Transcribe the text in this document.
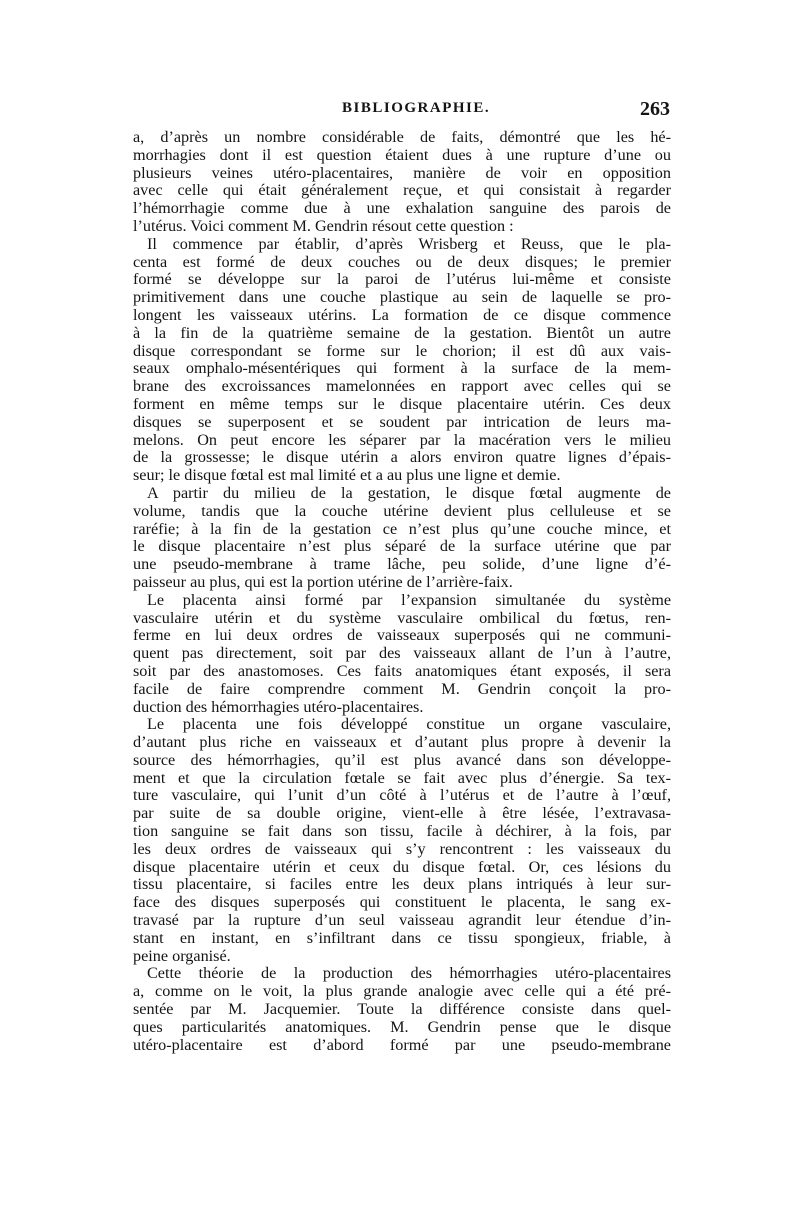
BIBLIOGRAPHIE.	263
a, d’après un nombre considérable de faits, démontré que les hé-
morrhagies dont il est question étaient dues à une rupture d’une ou
plusieurs veines utéro-placentaires, manière de voir en opposition
avec celle qui était généralement reçue, et qui consistait à regarder
l’hémorrhagie comme due à une exhalation sanguine des parois de
l’utérus. Voici comment M. Gendrin résout cette question :
Il commence par établir, d’après Wrisberg et Reuss, que le pla-
centa est formé de deux couches ou de deux disques; le premier
formé se développe sur la paroi de l’utérus lui-même et consiste
primitivement dans une couche plastique au sein de laquelle se pro-
longent les vaisseaux utérins. La formation de ce disque commence
à la fin de la quatrième semaine de la gestation. Bientôt un autre
disque correspondant se forme sur le chorion; il est dû aux vais-
seaux omphalo-mésentériques qui forment à la surface de la mem-
brane des excroissances mamelonnées en rapport avec celles qui se
forment en même temps sur le disque placentaire utérin. Ces deux
disques se superposent et se soudent par intrication de leurs ma-
melons. On peut encore les séparer par la macération vers le milieu
de la grossesse; le disque utérin a alors environ quatre lignes d’épais-
seur; le disque fœtal est mal limité et a au plus une ligne et demie.
A partir du milieu de la gestation, le disque fœtal augmente de
volume, tandis que la couche utérine devient plus celluleuse et se
raréfie; à la fin de la gestation ce n’est plus qu’une couche mince, et
le disque placentaire n’est plus séparé de la surface utérine que par
une pseudo-membrane à trame lâche, peu solide, d’une ligne d’é-
paisseur au plus, qui est la portion utérine de l’arrière-faix.
Le placenta ainsi formé par l’expansion simultanée du système
vasculaire utérin et du système vasculaire ombilical du fœtus, ren-
ferme en lui deux ordres de vaisseaux superposés qui ne communi-
quent pas directement, soit par des vaisseaux allant de l’un à l’autre,
soit par des anastomoses. Ces faits anatomiques étant exposés, il sera
facile de faire comprendre comment M. Gendrin conçoit la pro-
duction des hémorrhagies utéro-placentaires.
Le placenta une fois développé constitue un organe vasculaire,
d’autant plus riche en vaisseaux et d’autant plus propre à devenir la
source des hémorrhagies, qu’il est plus avancé dans son développe-
ment et que la circulation fœtale se fait avec plus d’énergie. Sa tex-
ture vasculaire, qui l’unit d’un côté à l’utérus et de l’autre à l’œuf,
par suite de sa double origine, vient-elle à être lésée, l’extravasa-
tion sanguine se fait dans son tissu, facile à déchirer, à la fois, par
les deux ordres de vaisseaux qui s’y rencontrent : les vaisseaux du
disque placentaire utérin et ceux du disque fœtal. Or, ces lésions du
tissu placentaire, si faciles entre les deux plans intriqués à leur sur-
face des disques superposés qui constituent le placenta, le sang ex-
travasé par la rupture d’un seul vaisseau agrandit leur étendue d’in-
stant en instant, en s’infiltrant dans ce tissu spongieux, friable, à
peine organisé.
Cette théorie de la production des hémorrhagies utéro-placentaires
a, comme on le voit, la plus grande analogie avec celle qui a été pré-
sentée par M. Jacquemier. Toute la différence consiste dans quel-
ques particularités anatomiques. M. Gendrin pense que le disque
utéro-placentaire est d’abord formé par une pseudo-membrane
